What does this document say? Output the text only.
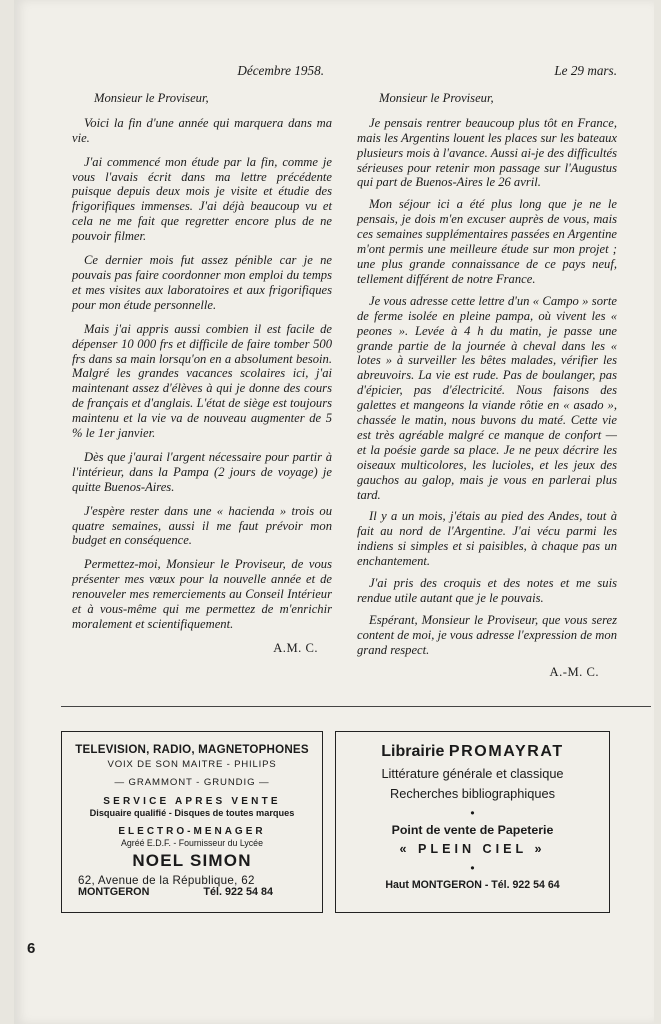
Décembre 1958.
Monsieur le Proviseur,

Voici la fin d'une année qui marquera dans ma vie.

J'ai commencé mon étude par la fin, comme je vous l'avais écrit dans ma lettre précédente puisque depuis deux mois je visite et étudie des frigorifiques immenses. J'ai déjà beaucoup vu et cela ne me fait que regretter encore plus de ne pouvoir filmer.

Ce dernier mois fut assez pénible car je ne pouvais pas faire coordonner mon emploi du temps et mes visites aux laboratoires et aux frigorifiques pour mon étude personnelle.

Mais j'ai appris aussi combien il est facile de dépenser 10 000 frs et difficile de faire tomber 500 frs dans sa main lorsqu'on en a absolument besoin. Malgré les grandes vacances scolaires ici, j'ai maintenant assez d'élèves à qui je donne des cours de français et d'anglais. L'état de siège est toujours maintenu et la vie va de nouveau augmenter de 5 % le 1er janvier.

Dès que j'aurai l'argent nécessaire pour partir à l'intérieur, dans la Pampa (2 jours de voyage) je quitte Buenos-Aires.

J'espère rester dans une « hacienda » trois ou quatre semaines, aussi il me faut prévoir mon budget en conséquence.

Permettez-moi, Monsieur le Proviseur, de vous présenter mes vœux pour la nouvelle année et de renouveler mes remerciements au Conseil Intérieur et à vous-même qui me permettez de m'enrichir moralement et scientifiquement.

A.M. C.
Le 29 mars.
Monsieur le Proviseur,

Je pensais rentrer beaucoup plus tôt en France, mais les Argentins louent les places sur les bateaux plusieurs mois à l'avance. Aussi ai-je des difficultés sérieuses pour retenir mon passage sur l'Augustus qui part de Buenos-Aires le 26 avril.

Mon séjour ici a été plus long que je ne le pensais, je dois m'en excuser auprès de vous, mais ces semaines supplémentaires passées en Argentine m'ont permis une meilleure étude sur mon projet ; une plus grande connaissance de ce pays neuf, tellement différent de notre France.

Je vous adresse cette lettre d'un « Campo » sorte de ferme isolée en pleine pampa, où vivent les « peones ». Levée à 4 h du matin, je passe une grande partie de la journée à cheval dans les « lotes » à surveiller les bêtes malades, vérifier les abreuvoirs. La vie est rude. Pas de boulanger, pas d'épicier, pas d'électricité. Nous faisons des galettes et mangeons la viande rôtie en « asado », chassée le matin, nous buvons du maté. Cette vie est très agréable malgré ce manque de confort — et la poésie garde sa place. Je ne peux décrire les oiseaux multicolores, les lucioles, et les jeux des gauchos au galop, mais je vous en parlerai plus tard.

Il y a un mois, j'étais au pied des Andes, tout à fait au nord de l'Argentine. J'ai vécu parmi les indiens si simples et si paisibles, à chaque pas un enchantement.

J'ai pris des croquis et des notes et me suis rendue utile autant que je le pouvais.

Espérant, Monsieur le Proviseur, que vous serez content de moi, je vous adresse l'expression de mon grand respect.

A.-M. C.
TELEVISION, RADIO, MAGNETOPHONES
VOIX DE SON MAITRE - PHILIPS
— GRAMMONT - GRUNDIG —
SERVICE APRES VENTE
Disquaire qualifié - Disques de toutes marques
ELECTRO-MENAGER
Agréé E.D.F. - Fournisseur du Lycée
NOEL SIMON
62, Avenue de la République, 62
MONTGERON	Tél. 922 54 84
Librairie PROMAYRAT
Littérature générale et classique
Recherches bibliographiques
•
Point de vente de Papeterie
« PLEIN CIEL »
•
Haut MONTGERON - Tél. 922 54 64
6
